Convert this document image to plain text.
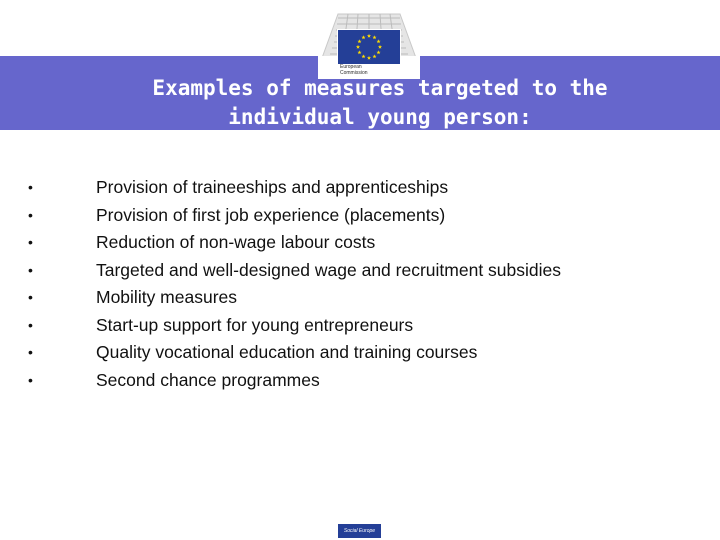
European
Commission
Examples of measures targeted to the individual young person:
•	Provision of traineeships and apprenticeships
•	Provision of first job experience (placements)
•	Reduction of non-wage labour costs
•	Targeted and well-designed wage and recruitment subsidies
•	Mobility measures
•	Start-up support for young entrepreneurs
•	Quality vocational education and training courses
•	Second chance programmes
Social Europe
